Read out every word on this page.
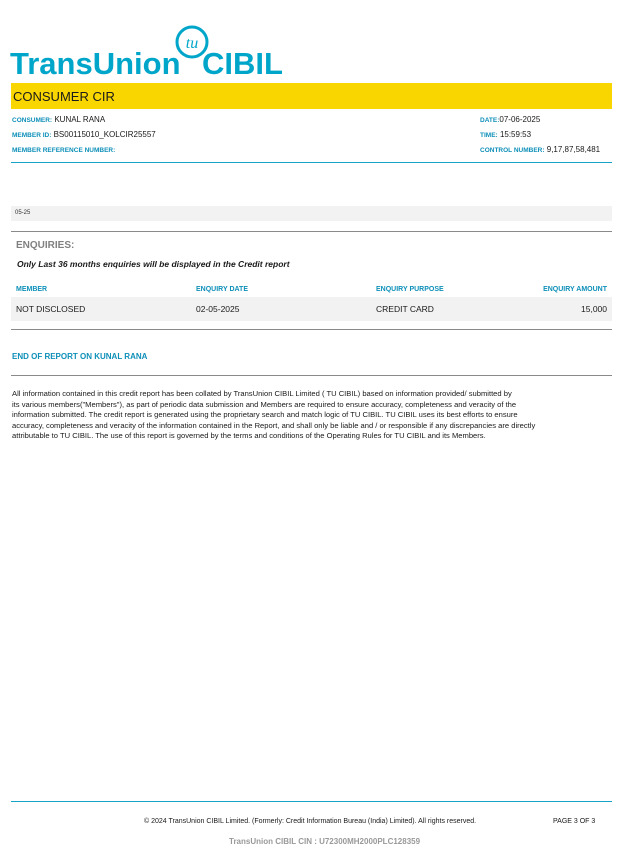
TransUnion
tu
CIBIL
CONSUMER CIR
CONSUMER: KUNAL RANA
MEMBER ID: BS00115010_KOLCIR25557
MEMBER REFERENCE NUMBER:
DATE:07-06-2025
TIME: 15:59:53
CONTROL NUMBER: 9,17,87,58,481
05-25
ENQUIRIES:
Only Last 36 months enquiries will be displayed in the Credit report
MEMBER	ENQUIRY DATE	ENQUIRY PURPOSE	ENQUIRY AMOUNT
NOT DISCLOSED	02-05-2025	CREDIT CARD	15,000
END OF REPORT ON KUNAL RANA
All information contained in this credit report has been collated by TransUnion CIBIL Limited ( TU CIBIL) based on information provided/ submitted by
its various members("Members"), as part of periodic data submission and Members are required to ensure accuracy, completeness and veracity of the
information submitted. The credit report is generated using the proprietary search and match logic of TU CIBIL. TU CIBIL uses its best efforts to ensure
accuracy, completeness and veracity of the information contained in the Report, and shall only be liable and / or responsible if any discrepancies are directly
attributable to TU CIBIL. The use of this report is governed by the terms and conditions of the Operating Rules for TU CIBIL and its Members.
© 2024 TransUnion CIBIL Limited. (Formerly: Credit Information Bureau (India) Limited). All rights reserved.	PAGE 3 OF 3
TransUnion CIBIL CIN : U72300MH2000PLC128359
